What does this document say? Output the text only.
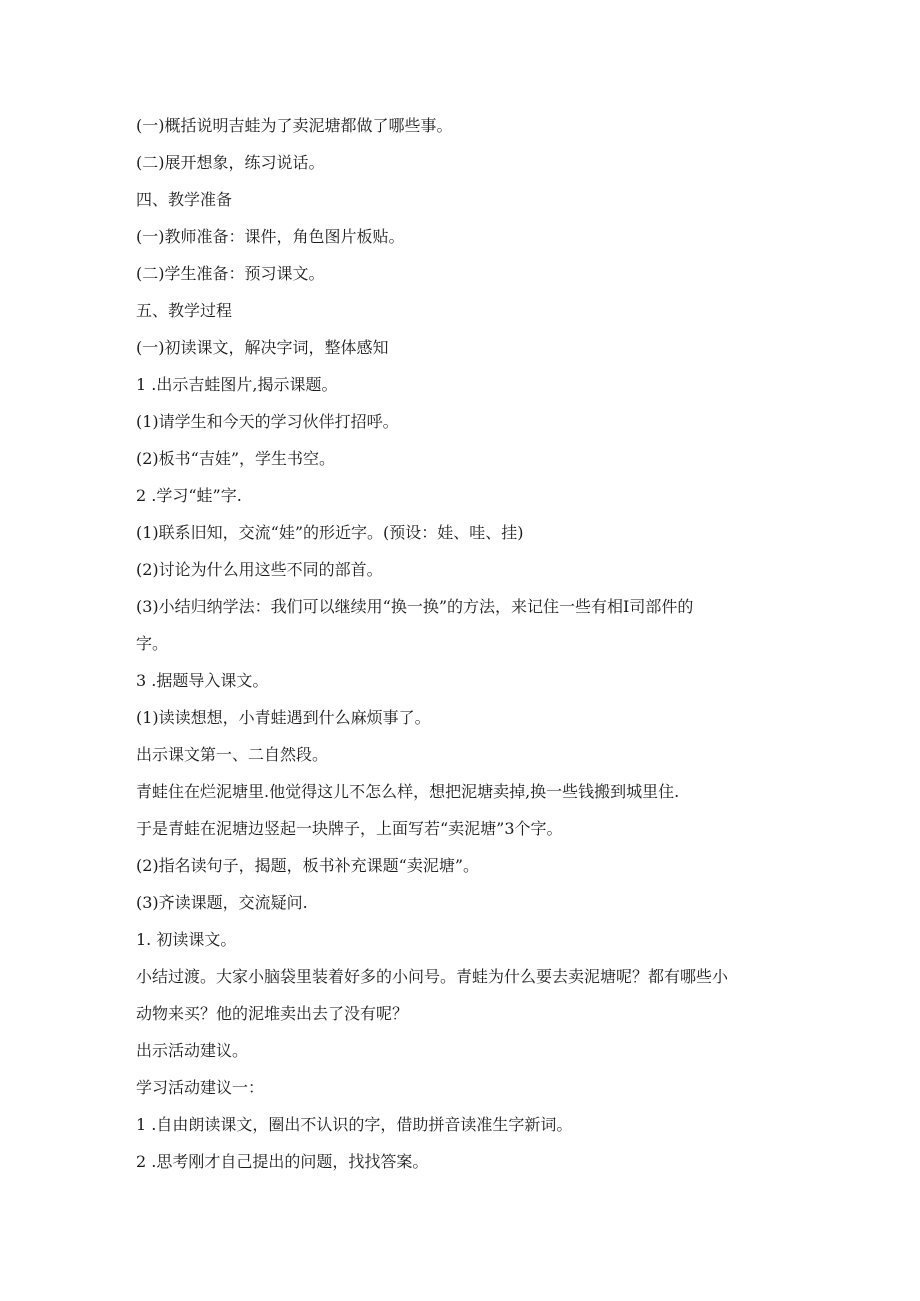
(一)概括说明吉蛙为了卖泥塘都做了哪些事。

(二)展开想象，练习说话。

四、教学准备

(一)教师准备：课件，角色图片板贴。

(二)学生准备：预习课文。

五、教学过程

(一)初读课文，解决字词，整体感知

1 .出示吉蛙图片,揭示课题。

(1)请学生和今天的学习伙伴打招呼。

(2)板书“吉娃”，学生书空。

2 .学习“蛙”字.

(1)联系旧知，交流“娃”的形近字。(预设：娃、哇、挂)

(2)讨论为什么用这些不同的部首。

(3)小结归纳学法：我们可以继续用“换一换”的方法，来记住一些有相I司部件的

字。

3 .据题导入课文。

(1)读读想想，小青蛙遇到什么麻烦事了。

出示课文第一、二自然段。

青蛙住在烂泥塘里.他觉得这儿不怎么样，想把泥塘卖掉,换一些钱搬到城里住.

于是青蛙在泥塘边竖起一块牌子，上面写若“卖泥塘”3个字。

(2)指名读句子，揭题，板书补充课题“卖泥塘”。

(3)齐读课题，交流疑问.

1. 初读课文。

小结过渡。大家小脑袋里装着好多的小问号。青蛙为什么要去卖泥塘呢？都有哪些小

动物来买？他的泥堆卖出去了没有呢？

出示活动建议。

学习活动建议一：

1 .自由朗读课文，圈出不认识的字，借助拼音读准生字新词。

2 .思考刚才自己提出的问题，找找答案。
